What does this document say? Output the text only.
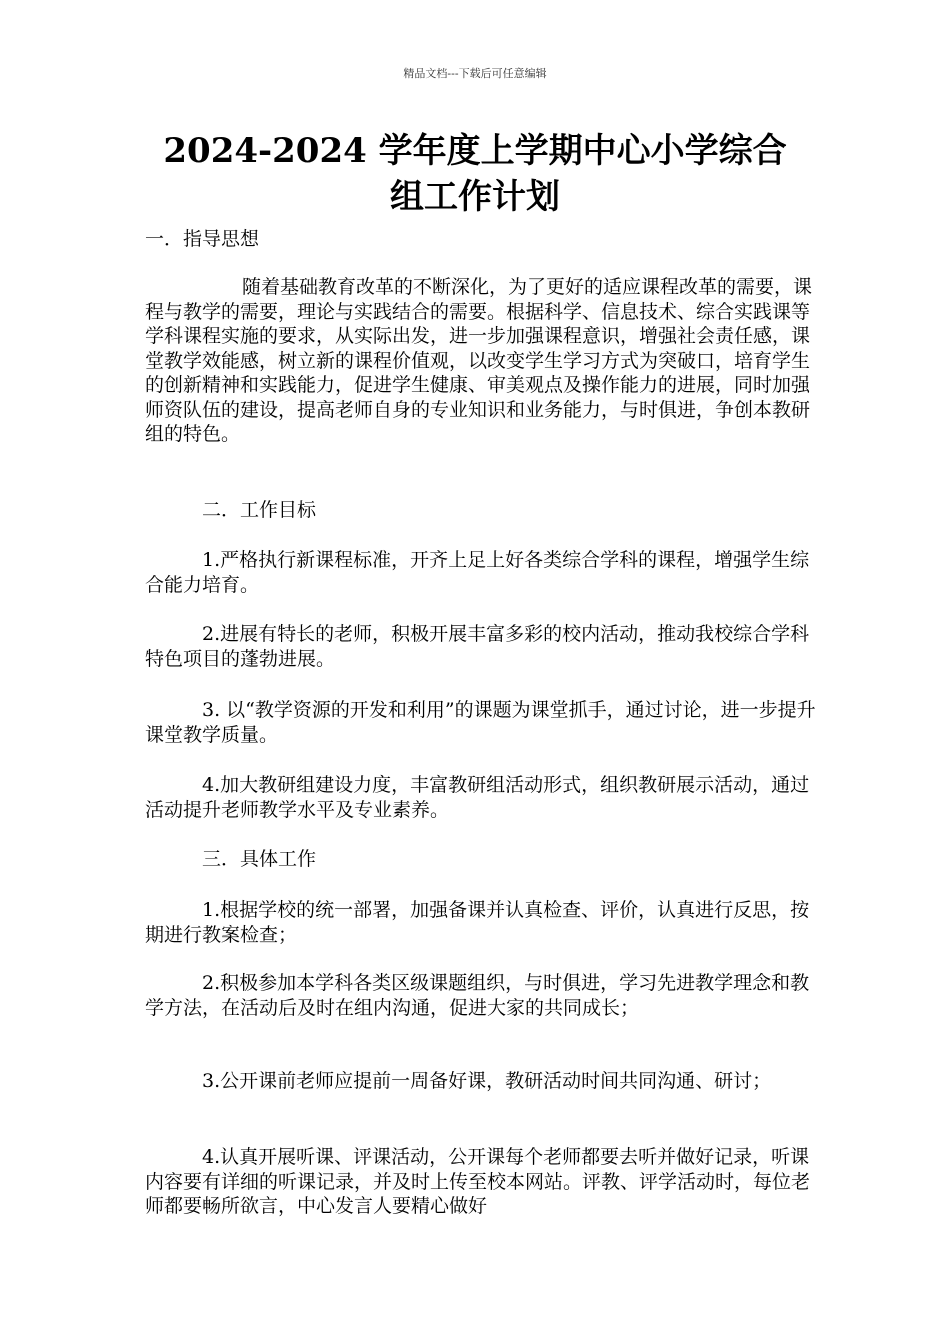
精品文档---下载后可任意编辑
2024-2024 学年度上学期中心小学综合
组工作计划

一．指导思想

随着基础教育改革的不断深化，为了更好的适应课程改革的需要，课程与教学的需要，理论与实践结合的需要。根据科学、信息技术、综合实践课等学科课程实施的要求，从实际出发，进一步加强课程意识，增强社会责任感，课堂教学效能感，树立新的课程价值观，以改变学生学习方式为突破口，培育学生的创新精神和实践能力，促进学生健康、审美观点及操作能力的进展，同时加强师资队伍的建设，提高老师自身的专业知识和业务能力，与时俱进，争创本教研组的特色。

二．工作目标

1.严格执行新课程标准，开齐上足上好各类综合学科的课程，增强学生综合能力培育。

2.进展有特长的老师，积极开展丰富多彩的校内活动，推动我校综合学科特色项目的蓬勃进展。

3. 以“教学资源的开发和利用”的课题为课堂抓手，通过讨论，进一步提升课堂教学质量。

4.加大教研组建设力度，丰富教研组活动形式，组织教研展示活动，通过活动提升老师教学水平及专业素养。

三．具体工作

1.根据学校的统一部署，加强备课并认真检查、评价，认真进行反思，按期进行教案检查；

2.积极参加本学科各类区级课题组织，与时俱进，学习先进教学理念和教学方法，在活动后及时在组内沟通，促进大家的共同成长；

3.公开课前老师应提前一周备好课，教研活动时间共同沟通、研讨；

4.认真开展听课、评课活动，公开课每个老师都要去听并做好记录，听课内容要有详细的听课记录，并及时上传至校本网站。评教、评学活动时，每位老师都要畅所欲言，中心发言人要精心做好
